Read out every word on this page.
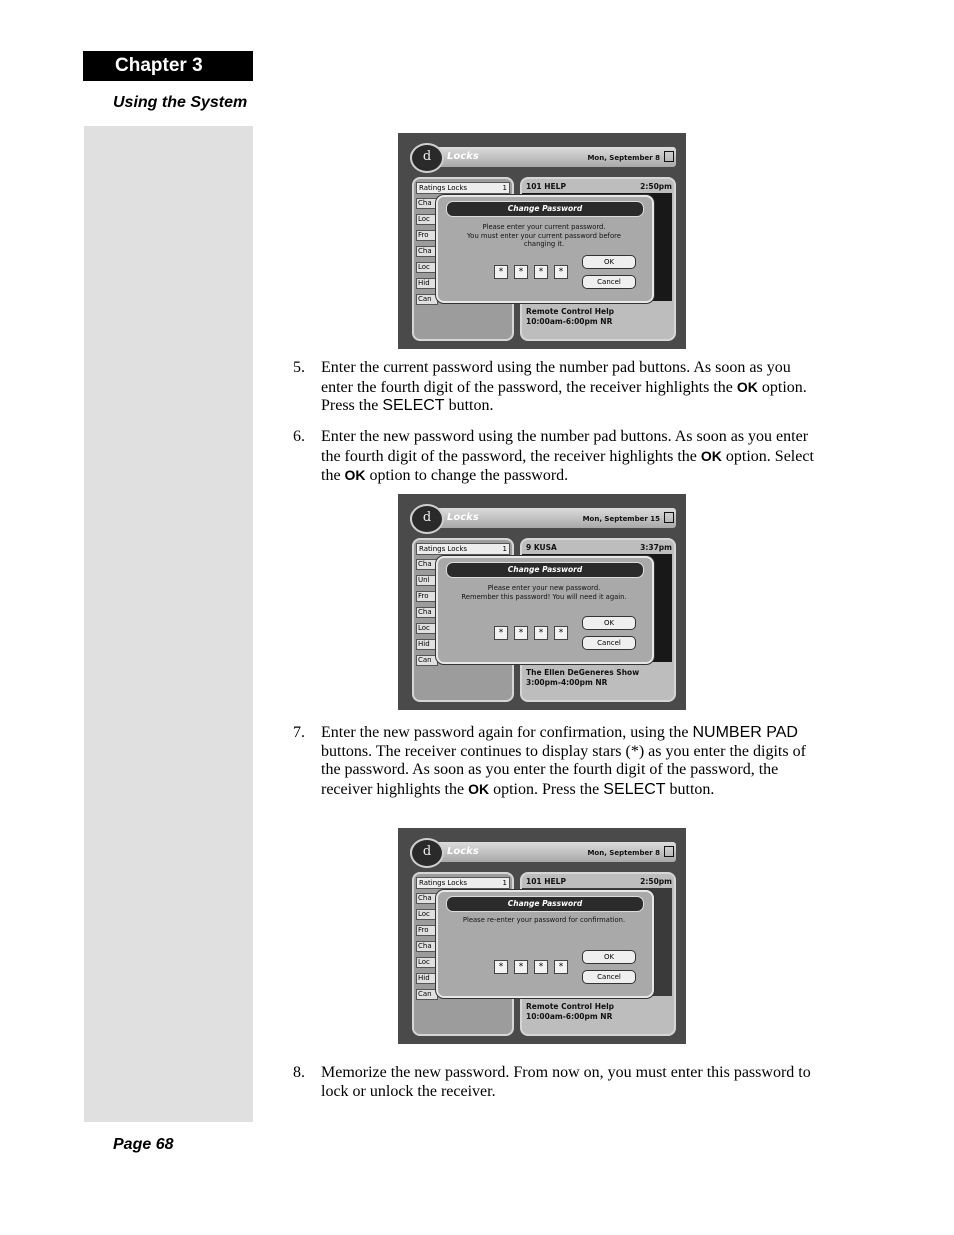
Chapter 3
Using the System
d	Locks	Mon, September 8
Ratings Locks	1
Cha
Loc
Fro
Cha
Loc
Hid
Can
101 HELP	2:50pm
Remote Control Help
10:00am-6:00pm NR
Change Password
Please enter your current password.
You must enter your current password before
changing it.
*	*	*	*
OK
Cancel
5. Enter the current password using the number pad buttons. As soon as you enter the fourth digit of the password, the receiver highlights the OK option. Press the SELECT button.
6. Enter the new password using the number pad buttons. As soon as you enter the fourth digit of the password, the receiver highlights the OK option. Select the OK option to change the password.
d	Locks	Mon, September 15
Ratings Locks	1
Cha
Unl
Fro
Cha
Loc
Hid
Can
9 KUSA	3:37pm
The Ellen DeGeneres Show
3:00pm-4:00pm NR
Change Password
Please enter your new password.
Remember this password! You will need it again.
*	*	*	*
OK
Cancel
7. Enter the new password again for confirmation, using the NUMBER PAD buttons. The receiver continues to display stars (*) as you enter the digits of the password. As soon as you enter the fourth digit of the password, the receiver highlights the OK option. Press the SELECT button.
d	Locks	Mon, September 8
Ratings Locks	1
Cha
Loc
Fro
Cha
Loc
Hid
Can
101 HELP	2:50pm
Remote Control Help
10:00am-6:00pm NR
Change Password
Please re-enter your password for confirmation.
*	*	*	*
OK
Cancel
8. Memorize the new password. From now on, you must enter this password to lock or unlock the receiver.
Page 68
